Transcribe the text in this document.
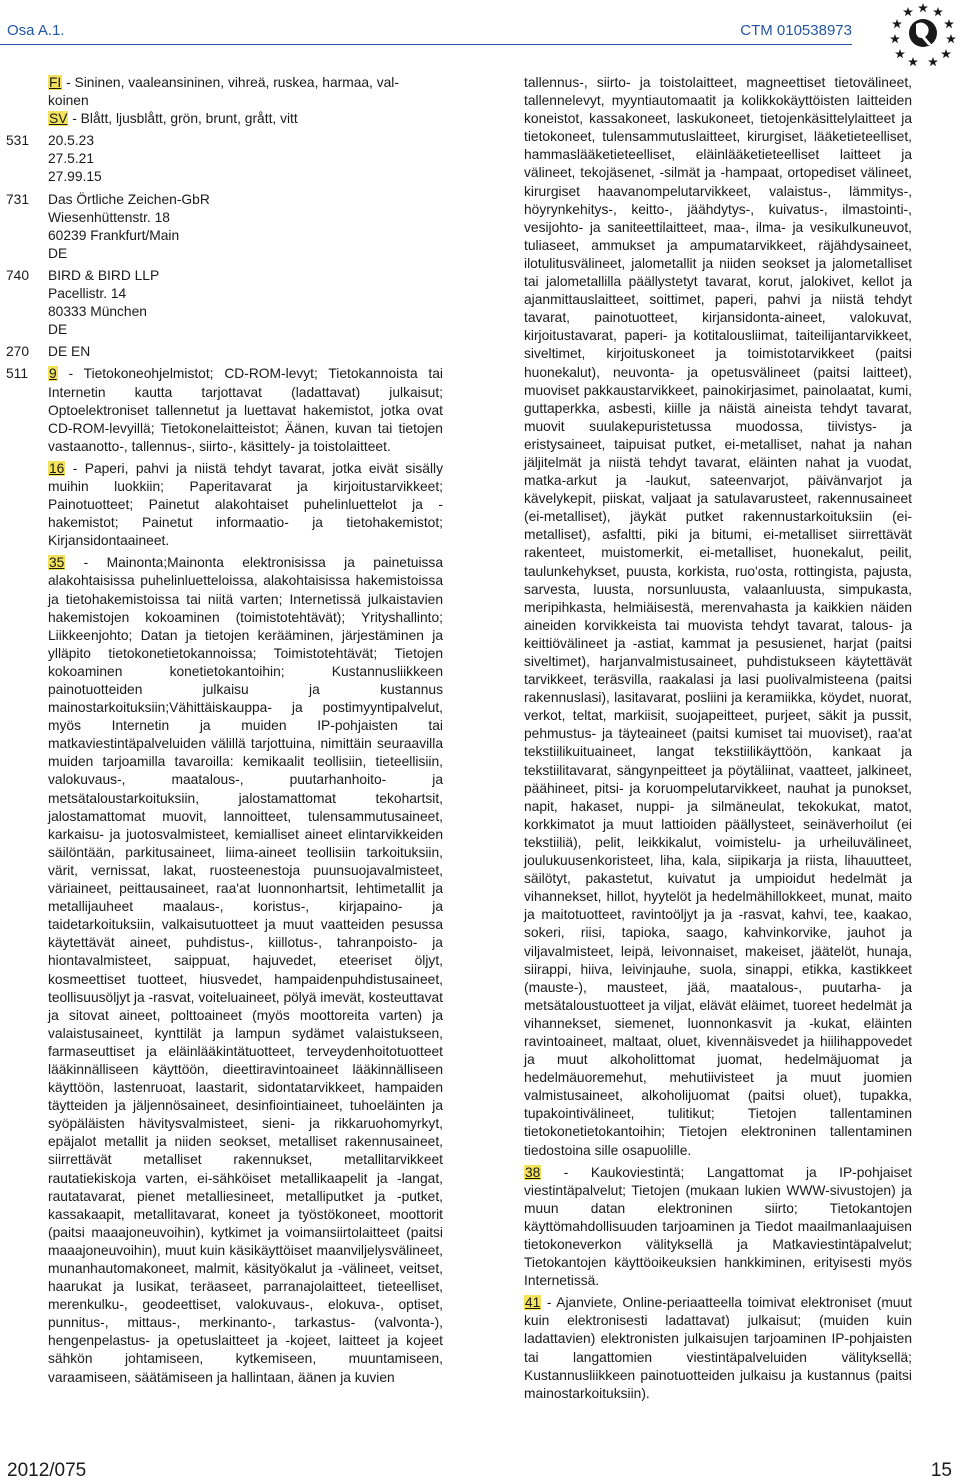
Osa A.1.	CTM 010538973
FI - Sininen, vaaleansininen, vihreä, ruskea, harmaa, val-
koinen
SV - Blått, ljusblått, grön, brunt, grått, vitt
531	20.5.23
27.5.21
27.99.15
731	Das Örtliche Zeichen-GbR
Wiesenhüttenstr. 18
60239 Frankfurt/Main
DE
740	BIRD & BIRD LLP
Pacellistr. 14
80333 München
DE
270	DE EN
511	9 - Tietokoneohjelmistot; CD-ROM-levyt; Tietokannoista tai Internetin kautta tarjottavat (ladattavat) julkaisut; Optoelektroniset tallennetut ja luettavat hakemistot, jotka ovat CD-ROM-levyillä; Tietokonelaitteistot; Äänen, kuvan tai tietojen vastaanotto-, tallennus-, siirto-, käsittely- ja toistolaitteet.

16 - Paperi, pahvi ja niistä tehdyt tavarat, jotka eivät sisälly muihin luokkiin; Paperitavarat ja kirjoitustarvikkeet; Painotuotteet; Painetut alakohtaiset puhelinluettelot ja -hakemistot; Painetut informaatio- ja tietohakemistot; Kirjansidontaaineet.

35 - Mainonta;Mainonta elektronisissa ja painetuissa alakohtaisissa puhelinluetteloissa, alakohtaisissa hakemistoissa ja tietohakemistoissa tai niitä varten; Internetissä julkaistavien hakemistojen kokoaminen (toimistotehtävät); Yrityshallinto; Liikkeenjohto; Datan ja tietojen kerääminen, järjestäminen ja ylläpito tietokonetietokannoissa; Toimistotehtävät; Tietojen kokoaminen konetietokantoihin; Kustannusliikkeen painotuotteiden julkaisu ja kustannus mainostarkoituksiin;Vähittäiskauppa- ja postimyyntipalvelut, myös Internetin ja muiden IP-pohjaisten tai matkaviestintäpalveluiden välillä tarjottuina, nimittäin seuraavilla muiden tarjoamilla tavaroilla: kemikaalit teollisiin, tieteellisiin, valokuvaus-, maatalous-, puutarhanhoito- ja metsätaloustarkoituksiin, jalostamattomat tekohartsit, jalostamattomat muovit, lannoitteet, tulensammutusaineet, karkaisu- ja juotosvalmisteet, kemialliset aineet elintarvikkeiden säilöntään, parkitusaineet, liima-aineet teollisiin tarkoituksiin, värit, vernissat, lakat, ruosteenestoja puunsuojavalmisteet, väriaineet, peittausaineet, raa'at luonnonhartsit, lehtimetallit ja metallijauheet maalaus-, koristus-, kirjapaino- ja taidetarkoituksiin, valkaisutuotteet ja muut vaatteiden pesussa käytettävät aineet, puhdistus-, kiillotus-, tahranpoisto- ja hiontavalmisteet, saippuat, hajuvedet, eteeriset öljyt, kosmeettiset tuotteet, hiusvedet, hampaidenpuhdistusaineet, teollisuusöljyt ja -rasvat, voiteluaineet, pölyä imevät, kosteuttavat ja sitovat aineet, polttoaineet (myös moottoreita varten) ja valaistusaineet, kynttilät ja lampun sydämet valaistukseen, farmaseuttiset ja eläinlääkintätuotteet, terveydenhoitotuotteet lääkinnälliseen käyttöön, dieettiravintoaineet lääkinnälliseen käyttöön, lastenruoat, laastarit, sidontatarvikkeet, hampaiden täytteiden ja jäljennösaineet, desinfiointiaineet, tuhoeläinten ja syöpäläisten hävitysvalmisteet, sieni- ja rikkaruohomyrkyt, epäjalot metallit ja niiden seokset, metalliset rakennusaineet, siirrettävät metalliset rakennukset, metallitarvikkeet rautatiekiskoja varten, ei-sähköiset metallikaapelit ja -langat, rautatavarat, pienet metalliesineet, metalliputket ja -putket, kassakaapit, metallitavarat, koneet ja työstökoneet, moottorit (paitsi maaajoneuvoihin), kytkimet ja voimansiirtolaitteet (paitsi maaajoneuvoihin), muut kuin käsikäyttöiset maanviljelysvälineet, munanhautomakoneet, malmit, käsityökalut ja -välineet, veitset, haarukat ja lusikat, teräaseet, parranajolaitteet, tieteelliset, merenkulku-, geodeettiset, valokuvaus-, elokuva-, optiset, punnitus-, mittaus-, merkinanto-, tarkastus- (valvonta-), hengenpelastus- ja opetuslaitteet ja -kojeet, laitteet ja kojeet sähkön johtamiseen, kytkemiseen, muuntamiseen, varaamiseen, säätämiseen ja hallintaan, äänen ja kuvien

tallennus-, siirto- ja toistolaitteet, magneettiset tietovälineet, tallennelevyt, myyntiautomaatit ja kolikkokäyttöisten laitteiden koneistot, kassakoneet, laskukoneet, tietojenkäsittelylaitteet ja tietokoneet, tulensammutuslaitteet, kirurgiset, lääketieteelliset, hammaslääketieteelliset, eläinlääketieteelliset laitteet ja välineet, tekojäsenet, -silmät ja -hampaat, ortopediset välineet, kirurgiset haavanompelutarvikkeet, valaistus-, lämmitys-, höyrynkehitys-, keitto-, jäähdytys-, kuivatus-, ilmastointi-, vesijohto- ja saniteettilaitteet, maa-, ilma- ja vesikulkuneuvot, tuliaseet, ammukset ja ampumatarvikkeet, räjähdysaineet, ilotulitusvälineet, jalometallit ja niiden seokset ja jalometalliset tai jalometallilla päällystetyt tavarat, korut, jalokivet, kellot ja ajanmittauslaitteet, soittimet, paperi, pahvi ja niistä tehdyt tavarat, painotuotteet, kirjansidonta-aineet, valokuvat, kirjoitustavarat, paperi- ja kotitalousliimat, taiteilijantarvikkeet, siveltimet, kirjoituskoneet ja toimistotarvikkeet (paitsi huonekalut), neuvonta- ja opetusvälineet (paitsi laitteet), muoviset pakkaustarvikkeet, painokirjasimet, painolaatat, kumi, guttaperkka, asbesti, kiille ja näistä aineista tehdyt tavarat, muovit suulakepuristetussa muodossa, tiivistys- ja eristysaineet, taipuisat putket, ei-metalliset, nahat ja nahan jäljitelmät ja niistä tehdyt tavarat, eläinten nahat ja vuodat, matka-arkut ja -laukut, sateenvarjot, päivänvarjot ja kävelykepit, piiskat, valjaat ja satulavarusteet, rakennusaineet (ei-metalliset), jäykät putket rakennustarkoituksiin (ei-metalliset), asfaltti, piki ja bitumi, ei-metalliset siirrettävät rakenteet, muistomerkit, ei-metalliset, huonekalut, peilit, taulunkehykset, puusta, korkista, ruo'osta, rottingista, pajusta, sarvesta, luusta, norsunluusta, valaanluusta, simpukasta, meripihkasta, helmiäisestä, merenvahasta ja kaikkien näiden aineiden korvikkeista tai muovista tehdyt tavarat, talous- ja keittiövälineet ja -astiat, kammat ja pesusienet, harjat (paitsi siveltimet), harjanvalmistusaineet, puhdistukseen käytettävät tarvikkeet, teräsvilla, raakalasi ja lasi puolivalmisteena (paitsi rakennuslasi), lasitavarat, posliini ja keramiikka, köydet, nuorat, verkot, teltat, markiisit, suojapeitteet, purjeet, säkit ja pussit, pehmustus- ja täyteaineet (paitsi kumiset tai muoviset), raa'at tekstiilikuituaineet, langat tekstiilikäyttöön, kankaat ja tekstiilitavarat, sängynpeitteet ja pöytäliinat, vaatteet, jalkineet, päähineet, pitsi- ja koruompelutarvikkeet, nauhat ja punokset, napit, hakaset, nuppi- ja silmäneulat, tekokukat, matot, korkkimatot ja muut lattioiden päällysteet, seinäverhoilut (ei tekstiiliä), pelit, leikkikalut, voimistelu- ja urheiluvälineet, joulukuusenkoristeet, liha, kala, siipikarja ja riista, lihauutteet, säilötyt, pakastetut, kuivatut ja umpioidut hedelmät ja vihannekset, hillot, hyytelöt ja hedelmähillokkeet, munat, maito ja maitotuotteet, ravintoöljyt ja ja -rasvat, kahvi, tee, kaakao, sokeri, riisi, tapioka, saago, kahvinkorvike, jauhot ja viljavalmisteet, leipä, leivonnaiset, makeiset, jäätelöt, hunaja, siirappi, hiiva, leivinjauhe, suola, sinappi, etikka, kastikkeet (mauste-), mausteet, jää, maatalous-, puutarha- ja metsätaloustuotteet ja viljat, elävät eläimet, tuoreet hedelmät ja vihannekset, siemenet, luonnonkasvit ja -kukat, eläinten ravintoaineet, maltaat, oluet, kivennäisvedet ja hiilihappovedet ja muut alkoholittomat juomat, hedelmäjuomat ja hedelmäuoremehut, mehutiivisteet ja muut juomien valmistusaineet, alkoholijuomat (paitsi oluet), tupakka, tupakointivälineet, tulitikut; Tietojen tallentaminen tietokonetietokantoihin; Tietojen elektroninen tallentaminen tiedostoina sille osapuolille.

38 - Kaukoviestintä; Langattomat ja IP-pohjaiset viestintäpalvelut; Tietojen (mukaan lukien WWW-sivustojen) ja muun datan elektroninen siirto; Tietokantojen käyttömahdollisuuden tarjoaminen ja Tiedot maailmanlaajuisen tietokoneverkon välityksellä ja Matkaviestintäpalvelut; Tietokantojen käyttöoikeuksien hankkiminen, erityisesti myös Internetissä.

41 - Ajanviete, Online-periaatteella toimivat elektroniset (muut kuin elektronisesti ladattavat) julkaisut; (muiden kuin ladattavien) elektronisten julkaisujen tarjoaminen IP-pohjaisten tai langattomien viestintäpalveluiden välityksellä; Kustannusliikkeen painotuotteiden julkaisu ja kustannus (paitsi mainostarkoituksiin).

2012/075	15
